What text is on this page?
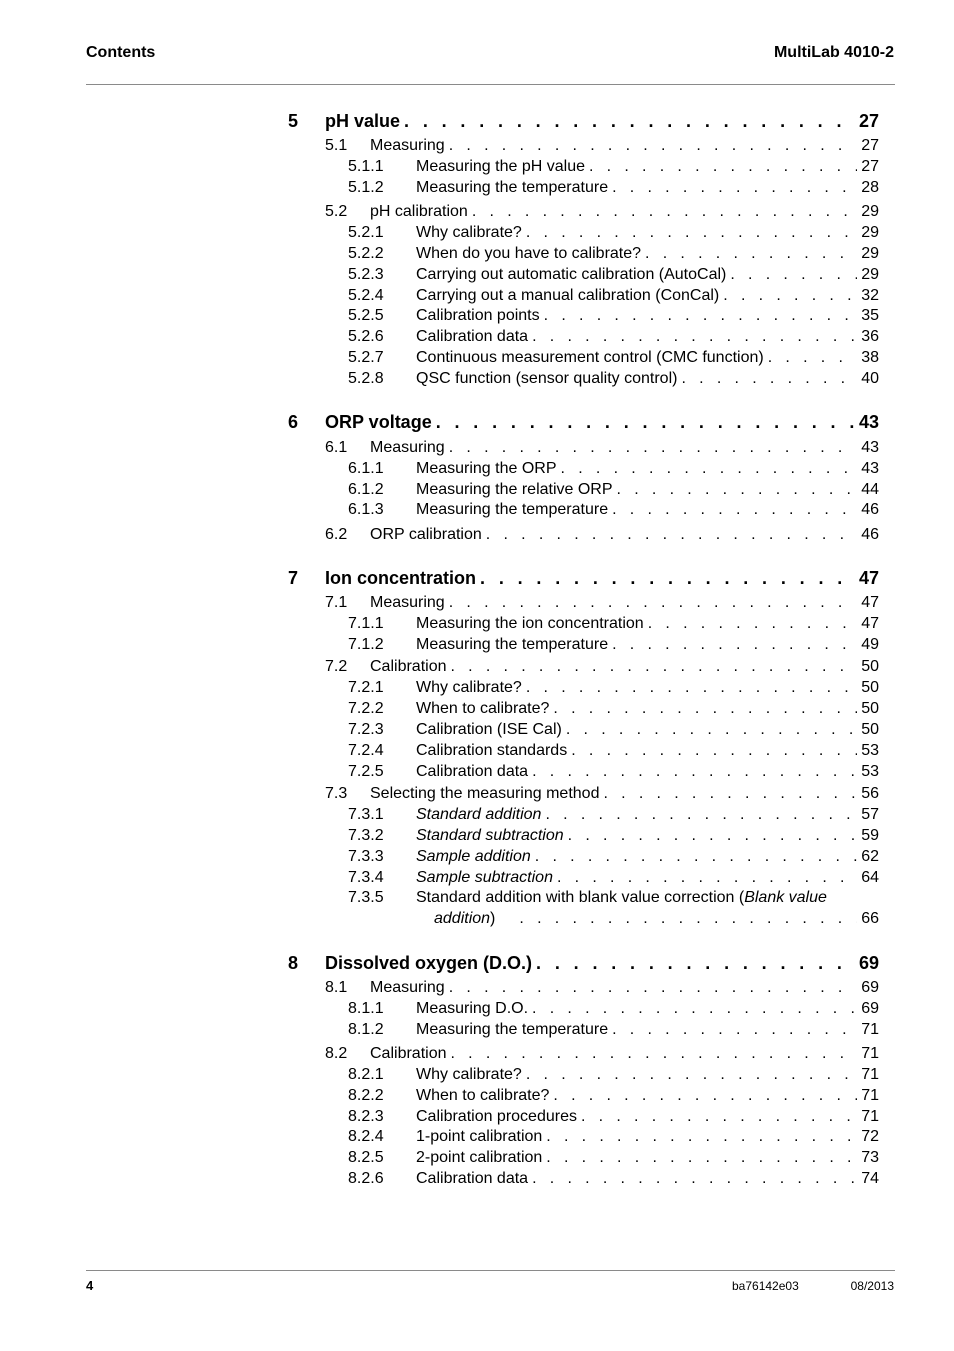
Contents	MultiLab 4010-2
5 pH value . . .	27
5.1 Measuring . . .	27
5.1.1 Measuring the pH value . . .	27
5.1.2 Measuring the temperature . . .	28
5.2 pH calibration . . .	29
5.2.1 Why calibrate? . . .	29
5.2.2 When do you have to calibrate? . . .	29
5.2.3 Carrying out automatic calibration (AutoCal) . . .	29
5.2.4 Carrying out a manual calibration (ConCal) . . .	32
5.2.5 Calibration points . . .	35
5.2.6 Calibration data . . .	36
5.2.7 Continuous measurement control (CMC function) . . .	38
5.2.8 QSC function (sensor quality control) . . .	40
6 ORP voltage . . .	43
6.1 Measuring . . .	43
6.1.1 Measuring the ORP . . .	43
6.1.2 Measuring the relative ORP . . .	44
6.1.3 Measuring the temperature . . .	46
6.2 ORP calibration . . .	46
7 Ion concentration . . .	47
7.1 Measuring . . .	47
7.1.1 Measuring the ion concentration . . .	47
7.1.2 Measuring the temperature . . .	49
7.2 Calibration . . .	50
7.2.1 Why calibrate? . . .	50
7.2.2 When to calibrate? . . .	50
7.2.3 Calibration (ISE Cal) . . .	50
7.2.4 Calibration standards . . .	53
7.2.5 Calibration data . . .	53
7.3 Selecting the measuring method . . .	56
7.3.1 Standard addition . . .	57
7.3.2 Standard subtraction . . .	59
7.3.3 Sample addition . . .	62
7.3.4 Sample subtraction . . .	64
7.3.5 Standard addition with blank value correction (Blank value
addition) . . .	66
8 Dissolved oxygen (D.O.) . . .	69
8.1 Measuring . . .	69
8.1.1 Measuring D.O. . . .	69
8.1.2 Measuring the temperature . . .	71
8.2 Calibration . . .	71
8.2.1 Why calibrate? . . .	71
8.2.2 When to calibrate? . . .	71
8.2.3 Calibration procedures . . .	71
8.2.4 1-point calibration . . .	72
8.2.5 2-point calibration . . .	73
8.2.6 Calibration data . . .	74
4	ba76142e03	08/2013
